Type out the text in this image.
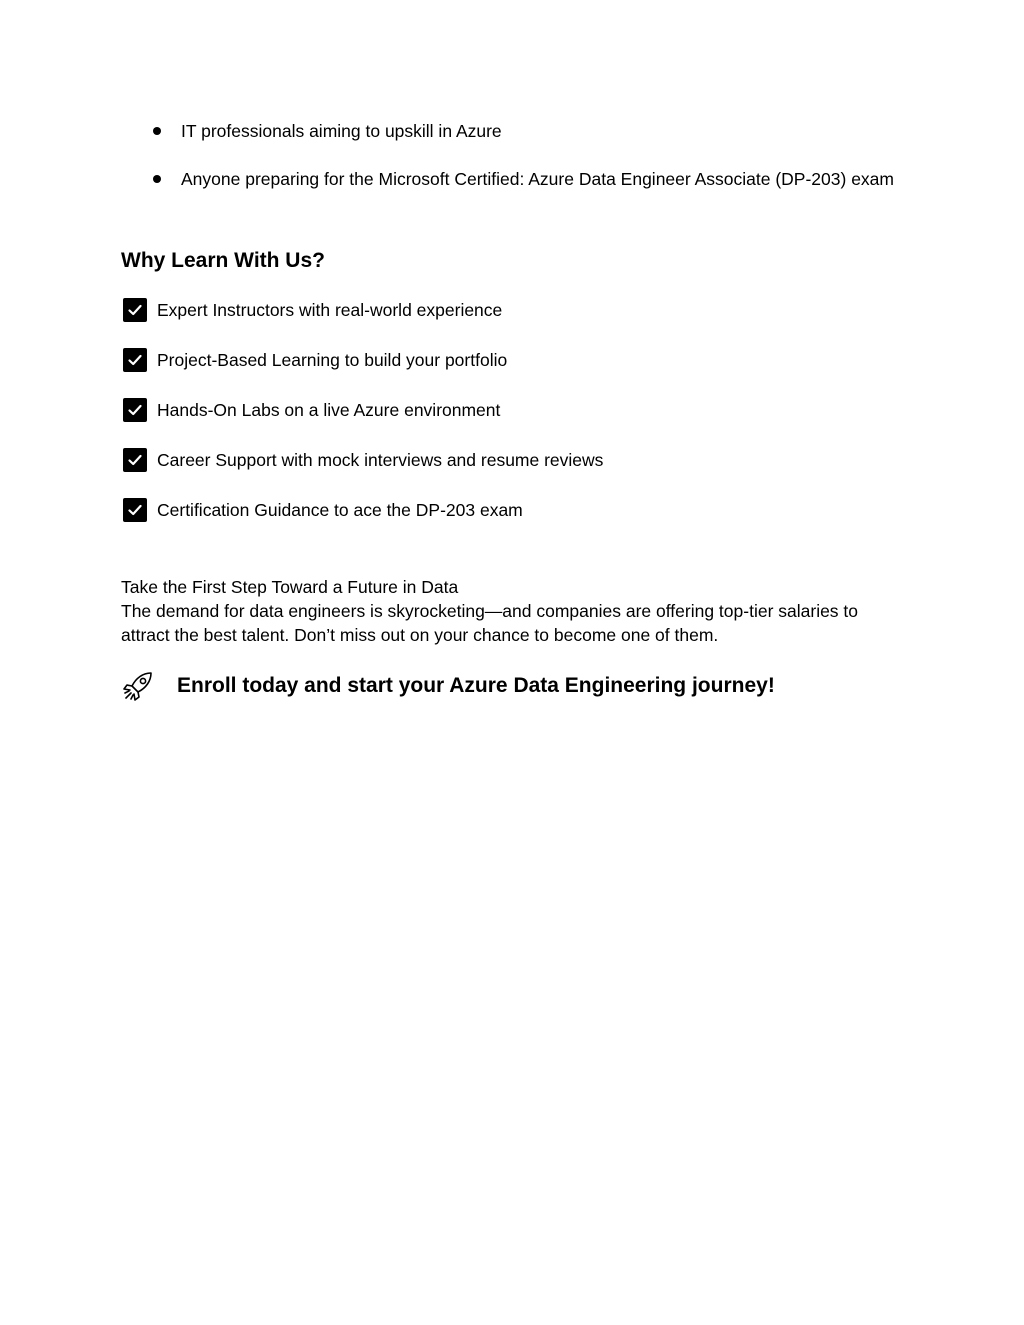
IT professionals aiming to upskill in Azure
Anyone preparing for the Microsoft Certified: Azure Data Engineer Associate (DP-203) exam
Why Learn With Us?
Expert Instructors with real-world experience
Project-Based Learning to build your portfolio
Hands-On Labs on a live Azure environment
Career Support with mock interviews and resume reviews
Certification Guidance to ace the DP-203 exam

Take the First Step Toward a Future in Data

The demand for data engineers is skyrocketing—and companies are offering top-tier salaries to attract the best talent. Don’t miss out on your chance to become one of them.

Enroll today and start your Azure Data Engineering journey!
